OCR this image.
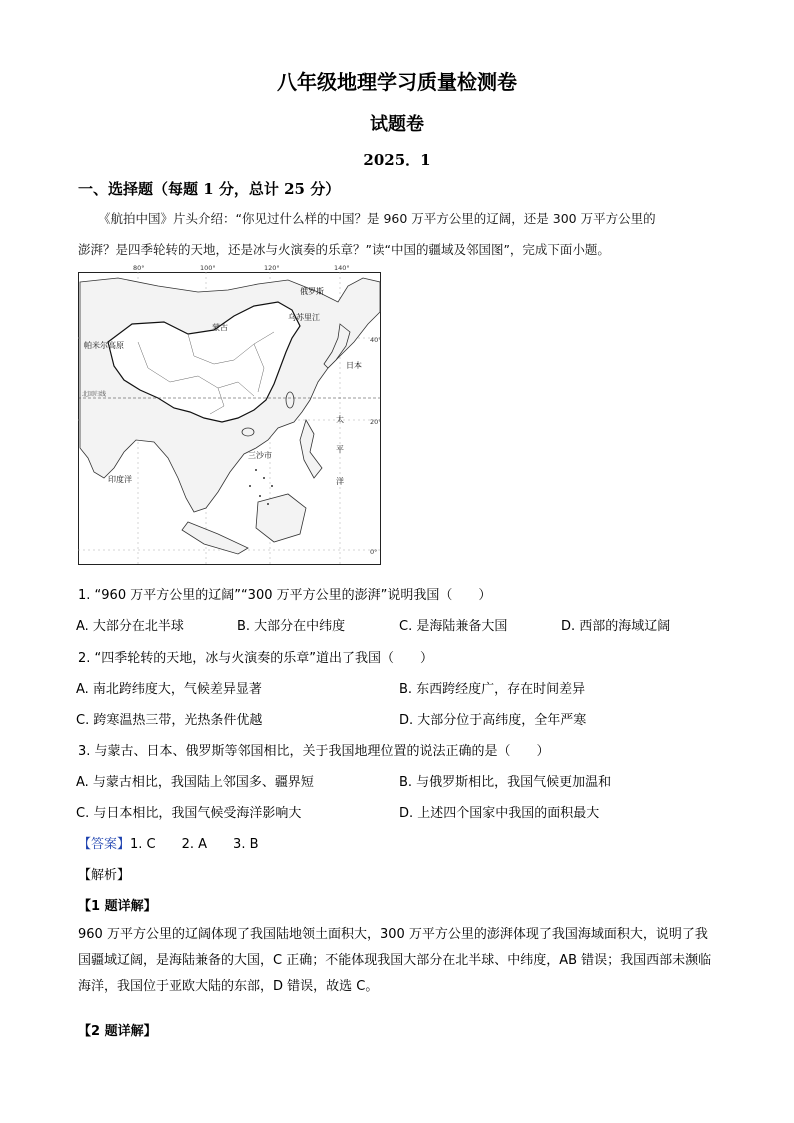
八年级地理学习质量检测卷
试题卷
2025．1
一、选择题（每题 1 分，总计 25 分）
《航拍中国》片头介绍：“你见过什么样的中国？是 960 万平方公里的辽阔，还是 300 万平方公里的
澎湃？是四季轮转的天地，还是冰与火演奏的乐章？”读“中国的疆域及邻国图”，完成下面小题。
80°	100°	120°	140°
40°
20°
0°
俄罗斯
蒙古
乌苏里江
帕米尔高原
日本
太
平
洋
三沙市
印度洋
北回归线
1. “960 万平方公里的辽阔”“300 万平方公里的澎湃”说明我国（　　）
A. 大部分在北半球	B. 大部分在中纬度	C. 是海陆兼备大国	D. 西部的海域辽阔
2. “四季轮转的天地，冰与火演奏的乐章”道出了我国（　　）
A. 南北跨纬度大，气候差异显著	B. 东西跨经度广，存在时间差异
C. 跨寒温热三带，光热条件优越	D. 大部分位于高纬度，全年严寒
3. 与蒙古、日本、俄罗斯等邻国相比，关于我国地理位置的说法正确的是（　　）
A. 与蒙古相比，我国陆上邻国多、疆界短	B. 与俄罗斯相比，我国气候更加温和
C. 与日本相比，我国气候受海洋影响大	D. 上述四个国家中我国的面积最大
【答案】1. C　　2. A　　3. B
【解析】
【1 题详解】
960 万平方公里的辽阔体现了我国陆地领土面积大，300 万平方公里的澎湃体现了我国海域面积大，说明了我国疆域辽阔，是海陆兼备的大国，C 正确；不能体现我国大部分在北半球、中纬度，AB 错误；我国西部未濒临海洋，我国位于亚欧大陆的东部，D 错误，故选 C。
【2 题详解】
